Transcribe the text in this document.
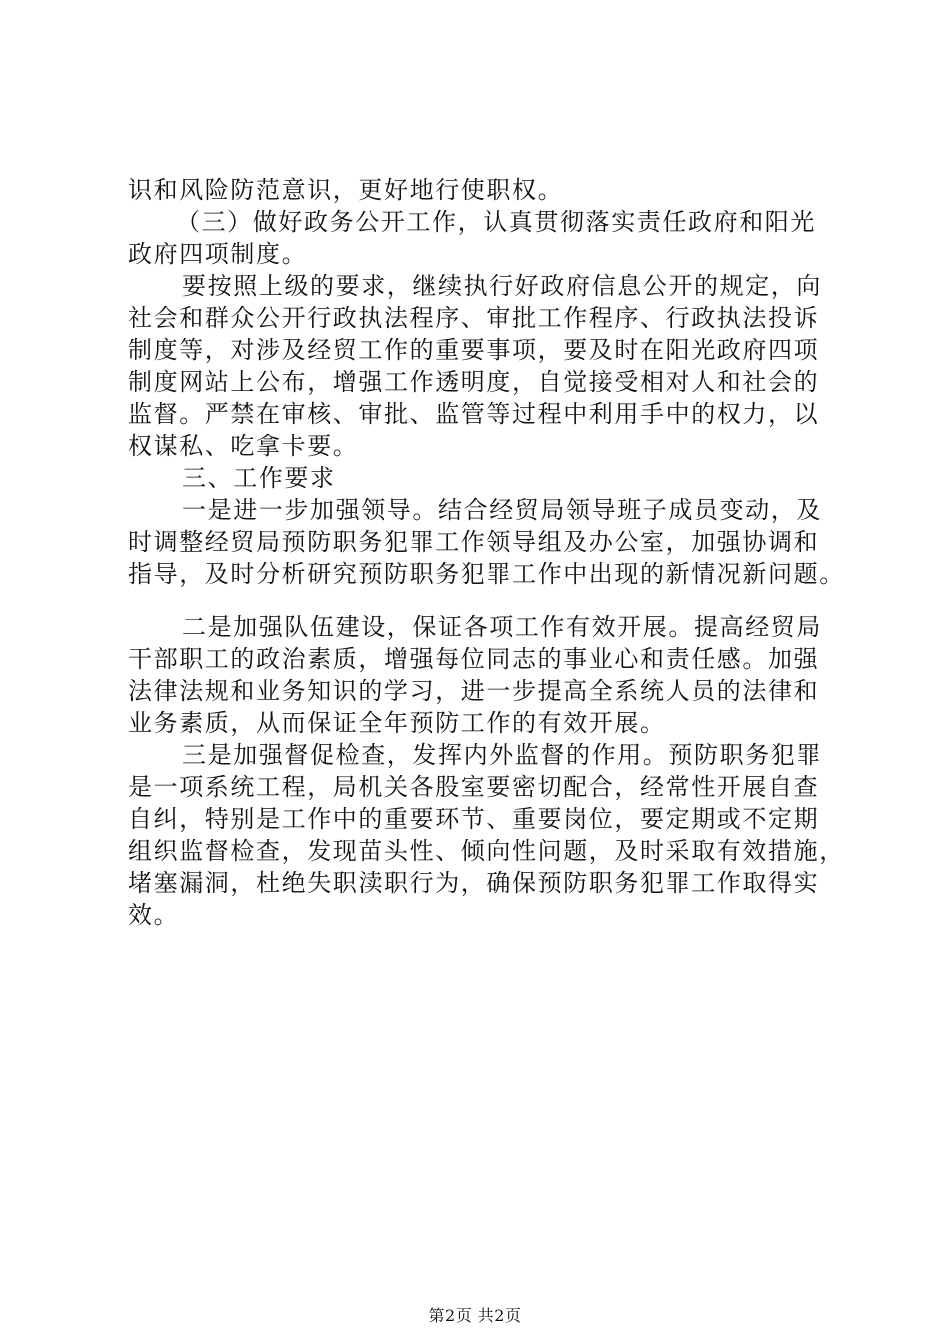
识和风险防范意识，更好地行使职权。
（三）做好政务公开工作，认真贯彻落实责任政府和阳光
政府四项制度。
要按照上级的要求，继续执行好政府信息公开的规定，向
社会和群众公开行政执法程序、审批工作程序、行政执法投诉
制度等，对涉及经贸工作的重要事项，要及时在阳光政府四项
制度网站上公布，增强工作透明度，自觉接受相对人和社会的
监督。严禁在审核、审批、监管等过程中利用手中的权力，以
权谋私、吃拿卡要。
三、工作要求
一是进一步加强领导。结合经贸局领导班子成员变动，及
时调整经贸局预防职务犯罪工作领导组及办公室，加强协调和
指导，及时分析研究预防职务犯罪工作中出现的新情况新问题。
二是加强队伍建设，保证各项工作有效开展。提高经贸局
干部职工的政治素质，增强每位同志的事业心和责任感。加强
法律法规和业务知识的学习，进一步提高全系统人员的法律和
业务素质，从而保证全年预防工作的有效开展。
三是加强督促检查，发挥内外监督的作用。预防职务犯罪
是一项系统工程，局机关各股室要密切配合，经常性开展自查
自纠，特别是工作中的重要环节、重要岗位，要定期或不定期
组织监督检查，发现苗头性、倾向性问题，及时采取有效措施，
堵塞漏洞，杜绝失职渎职行为，确保预防职务犯罪工作取得实
效。
第2页 共2页
